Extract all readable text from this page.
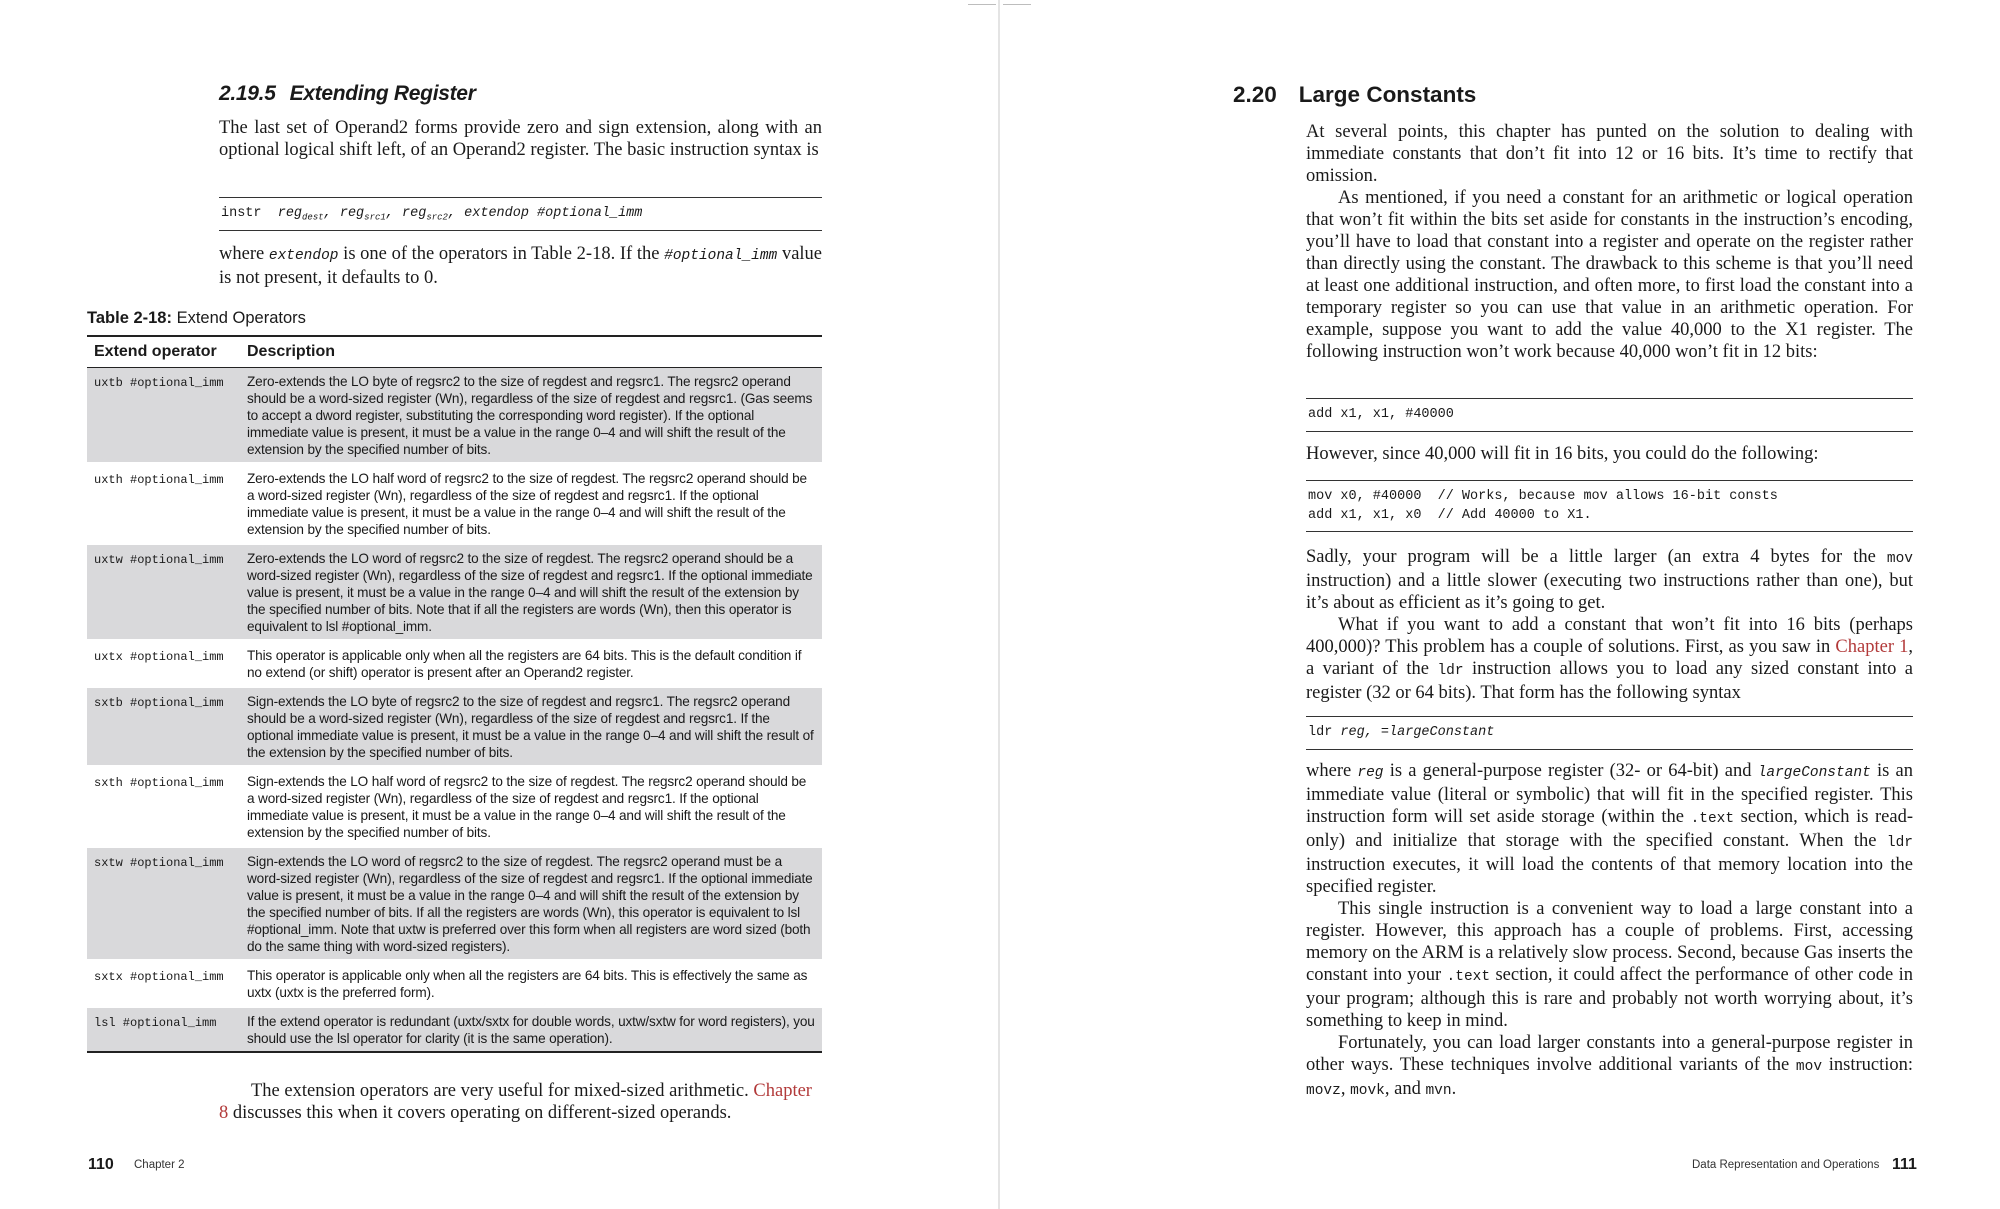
2.19.5 Extending Register

The last set of Operand2 forms provide zero and sign extension, along with an optional logical shift left, of an Operand2 register. The basic instruction syntax is

instr reg$_{dest}$, reg$_{src1}$, reg$_{src2}$, extendop #optional_imm

where extendop is one of the operators in Table 2-18. If the #optional_imm value is not present, it defaults to 0.

Table 2-18: Extend Operators
Extend operator	Description
uxtb #optional_imm	Zero-extends the LO byte of regsrc2 to the size of regdest and regsrc1. The regsrc2 operand should be a word-sized register (Wn), regardless of the size of regdest and regsrc1. (Gas seems to accept a dword register, substituting the corresponding word register). If the optional immediate value is present, it must be a value in the range 0–4 and will shift the result of the extension by the specified number of bits.
uxth #optional_imm	Zero-extends the LO half word of regsrc2 to the size of regdest. The regsrc2 operand should be a word-sized register (Wn), regardless of the size of regdest and regsrc1. If the optional immediate value is present, it must be a value in the range 0–4 and will shift the result of the extension by the specified number of bits.
uxtw #optional_imm	Zero-extends the LO word of regsrc2 to the size of regdest. The regsrc2 operand should be a word-sized register (Wn), regardless of the size of regdest and regsrc1. If the optional immediate value is present, it must be a value in the range 0–4 and will shift the result of the extension by the specified number of bits. Note that if all the registers are words (Wn), then this operator is equivalent to lsl #optional_imm.
uxtx #optional_imm	This operator is applicable only when all the registers are 64 bits. This is the default condition if no extend (or shift) operator is present after an Operand2 register.
sxtb #optional_imm	Sign-extends the LO byte of regsrc2 to the size of regdest and regsrc1. The regsrc2 operand should be a word-sized register (Wn), regardless of the size of regdest and regsrc1. If the optional immediate value is present, it must be a value in the range 0–4 and will shift the result of the extension by the specified number of bits.
sxth #optional_imm	Sign-extends the LO half word of regsrc2 to the size of regdest. The regsrc2 operand should be a word-sized register (Wn), regardless of the size of regdest and regsrc1. If the optional immediate value is present, it must be a value in the range 0–4 and will shift the result of the extension by the specified number of bits.
sxtw #optional_imm	Sign-extends the LO word of regsrc2 to the size of regdest. The regsrc2 operand must be a word-sized register (Wn), regardless of the size of regdest and regsrc1. If the optional immediate value is present, it must be a value in the range 0–4 and will shift the result of the extension by the specified number of bits. If all the registers are words (Wn), this operator is equivalent to lsl #optional_imm. Note that uxtw is preferred over this form when all registers are word sized (both do the same thing with word-sized registers).
sxtx #optional_imm	This operator is applicable only when all the registers are 64 bits. This is effectively the same as uxtx (uxtx is the preferred form).
lsl #optional_imm	If the extend operator is redundant (uxtx/sxtx for double words, uxtw/sxtw for word registers), you should use the lsl operator for clarity (it is the same operation).

The extension operators are very useful for mixed-sized arithmetic. Chapter 8 discusses this when it covers operating on different-sized operands.

110 Chapter 2
2.20 Large Constants

At several points, this chapter has punted on the solution to dealing with immediate constants that don’t fit into 12 or 16 bits. It’s time to rectify that omission.

As mentioned, if you need a constant for an arithmetic or logical operation that won’t fit within the bits set aside for constants in the instruction’s encoding, you’ll have to load that constant into a register and operate on the register rather than directly using the constant. The drawback to this scheme is that you’ll need at least one additional instruction, and often more, to first load the constant into a temporary register so you can use that value in an arithmetic operation. For example, suppose you want to add the value 40,000 to the X1 register. The following instruction won’t work because 40,000 won’t fit in 12 bits:

add x1, x1, #40000

However, since 40,000 will fit in 16 bits, you could do the following:

mov x0, #40000  // Works, because mov allows 16-bit consts
add x1, x1, x0  // Add 40000 to X1.

Sadly, your program will be a little larger (an extra 4 bytes for the mov instruction) and a little slower (executing two instructions rather than one), but it’s about as efficient as it’s going to get.

What if you want to add a constant that won’t fit into 16 bits (perhaps 400,000)? This problem has a couple of solutions. First, as you saw in Chapter 1, a variant of the ldr instruction allows you to load any sized constant into a register (32 or 64 bits). That form has the following syntax

ldr reg, =largeConstant

where reg is a general-purpose register (32- or 64-bit) and largeConstant is an immediate value (literal or symbolic) that will fit in the specified register. This instruction form will set aside storage (within the .text section, which is read-only) and initialize that storage with the specified constant. When the ldr instruction executes, it will load the contents of that memory location into the specified register.

This single instruction is a convenient way to load a large constant into a register. However, this approach has a couple of problems. First, accessing memory on the ARM is a relatively slow process. Second, because Gas inserts the constant into your .text section, it could affect the performance of other code in your program; although this is rare and probably not worth worrying about, it’s something to keep in mind.

Fortunately, you can load larger constants into a general-purpose register in other ways. These techniques involve additional variants of the mov instruction: movz, movk, and mvn.

Data Representation and Operations 111
